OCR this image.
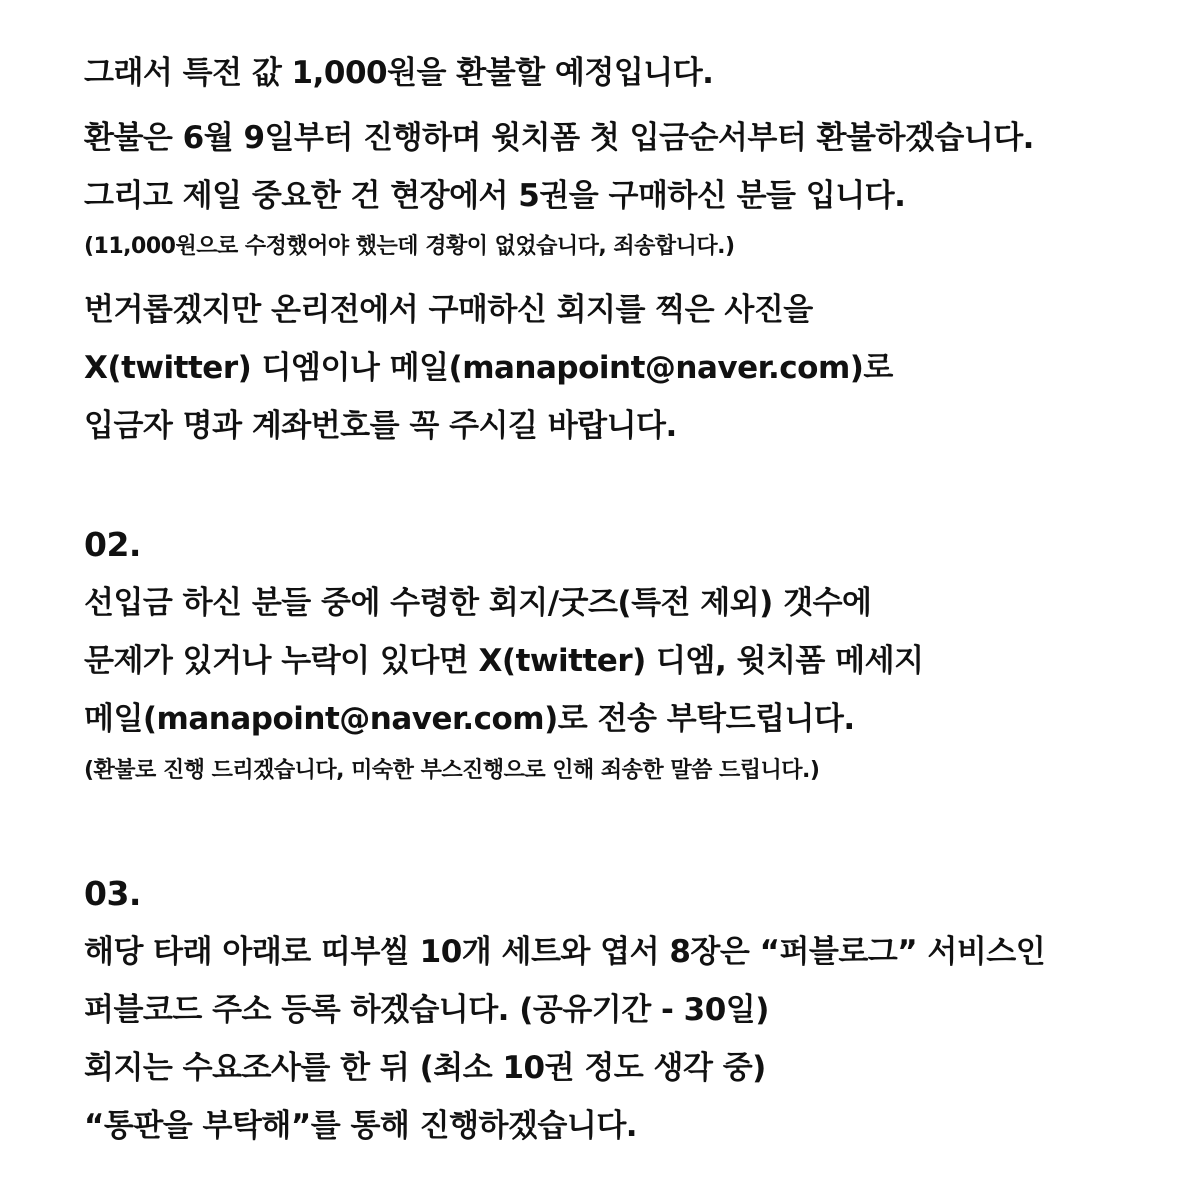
그래서 특전 값 1,000원을 환불할 예정입니다.
환불은 6월 9일부터 진행하며 윗치폼 첫 입금순서부터 환불하겠습니다.
그리고 제일 중요한 건 현장에서 5권을 구매하신 분들 입니다.
(11,000원으로 수정했어야 했는데 경황이 없었습니다, 죄송합니다.)
번거롭겠지만 온리전에서 구매하신 회지를 찍은 사진을
X(twitter) 디엠이나 메일(manapoint@naver.com)로
입금자 명과 계좌번호를 꼭 주시길 바랍니다.
02.
선입금 하신 분들 중에 수령한 회지/굿즈(특전 제외) 갯수에
문제가 있거나 누락이 있다면 X(twitter) 디엠, 윗치폼 메세지
메일(manapoint@naver.com)로 전송 부탁드립니다.
(환불로 진행 드리겠습니다, 미숙한 부스진행으로 인해 죄송한 말씀 드립니다.)
03.
해당 타래 아래로 띠부씰 10개 세트와 엽서 8장은 “퍼블로그” 서비스인
퍼블코드 주소 등록 하겠습니다. (공유기간 - 30일)
회지는 수요조사를 한 뒤 (최소 10권 정도 생각 중)
“통판을 부탁해”를 통해 진행하겠습니다.
